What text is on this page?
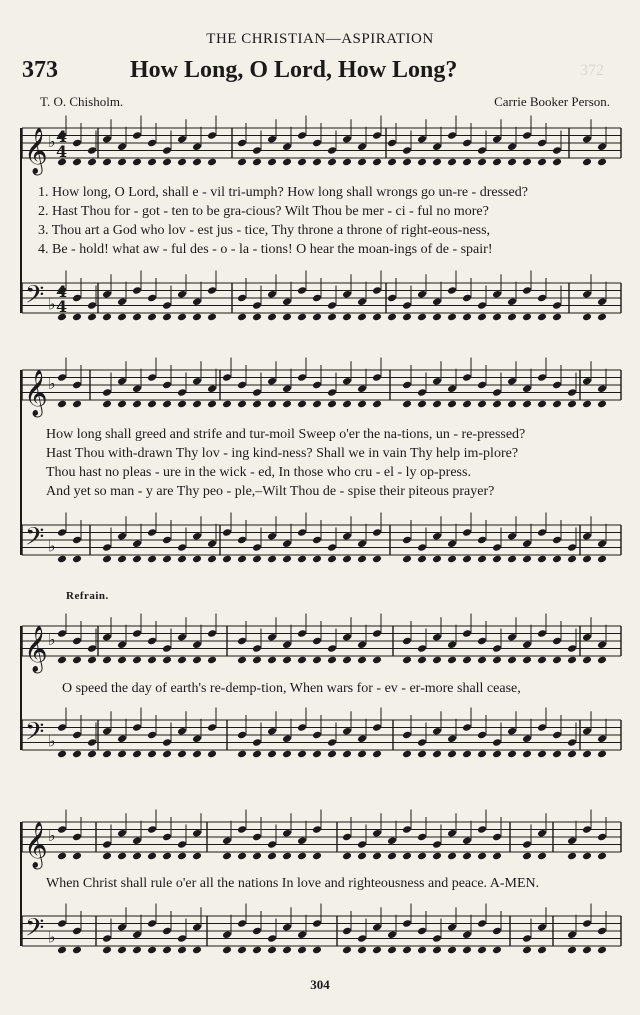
𝄞 ♭ 4
4
𝄢 ♭
4
4
𝄞 ♭
𝄢 ♭
𝄞 ♭
𝄢 ♭
𝄞 ♭
𝄢 ♭
THE CHRISTIAN—ASPIRATION
373	How Long, O Lord, How Long?	372
T. O. Chisholm.	Carrie Booker Person.
1. How long, O Lord, shall e - vil tri-umph? How long shall wrongs go un-re - dressed?
2. Hast Thou for - got - ten to be gra-cious? Wilt Thou be mer - ci - ful no more?
3. Thou art a God who lov - est jus - tice, Thy throne a throne of right-eous-ness,
4. Be - hold! what aw - ful des - o - la - tions! O hear the moan-ings of de - spair!
How long shall greed and strife and tur-moil Sweep o'er the na-tions, un - re-pressed?
Hast Thou with-drawn Thy lov - ing kind-ness? Shall we in vain Thy help im-plore?
Thou hast no pleas - ure in the wick - ed, In those who cru - el - ly op-press.
And yet so man - y are Thy peo - ple,–Wilt Thou de - spise their piteous prayer?
Refrain.
O speed the day of earth's re-demp-tion, When wars for - ev - er-more shall cease,
When Christ shall rule o'er all the nations In love and righteousness and peace. A-MEN.
304
